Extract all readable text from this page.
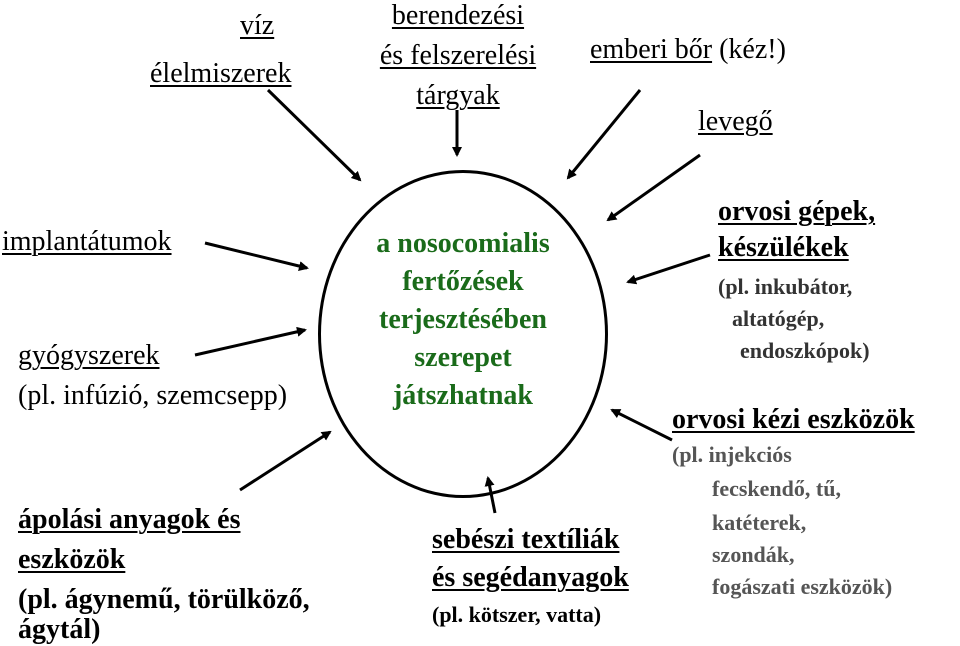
a nosocomialis
fertőzések
terjesztésében
szerepet
játszhatnak
víz
élelmiszerek
berendezési
és felszerelési
tárgyak
emberi bőr (kéz!)
levegő
implantátumok
gyógyszerek
(pl. infúzió, szemcsepp)
ápolási anyagok és
eszközök
(pl. ágynemű, törülköző,
ágytál)
sebészi textíliák
és segédanyagok
(pl. kötszer, vatta)
orvosi gépek,
készülékek
(pl. inkubátor,
altatógép,
endoszkópok)
orvosi kézi eszközök
(pl. injekciós
fecskendő, tű,
katéterek,
szondák,
fogászati eszközök)
